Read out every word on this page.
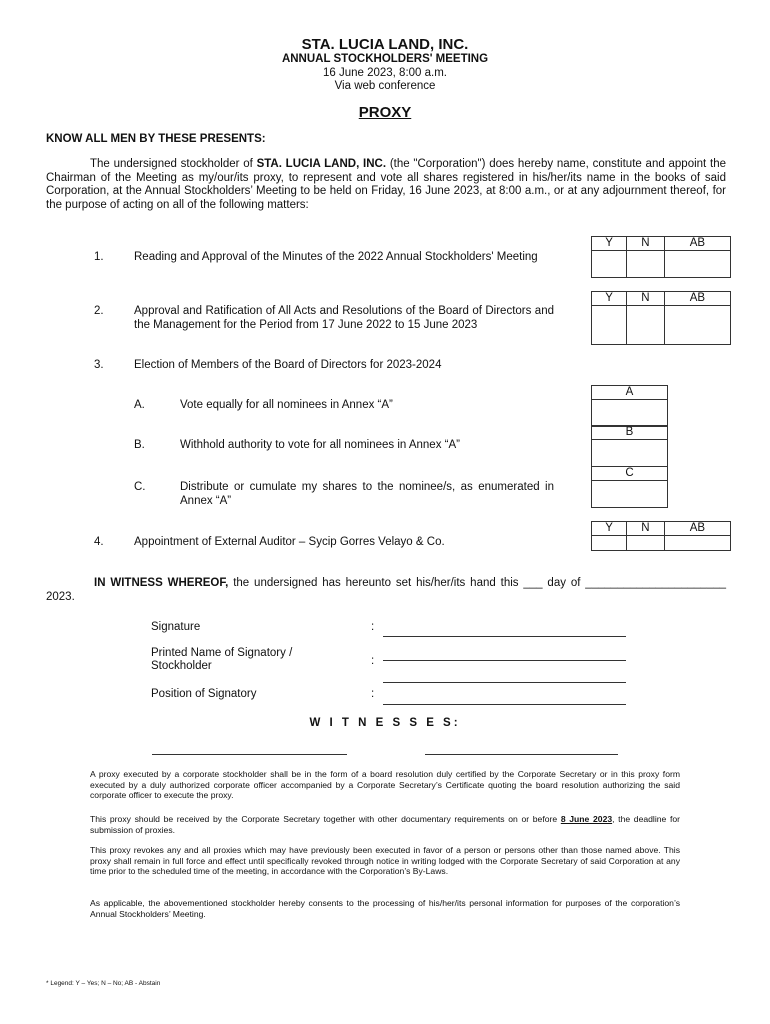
STA. LUCIA LAND, INC.
ANNUAL STOCKHOLDERS' MEETING
16 June 2023, 8:00 a.m.
Via web conference
PROXY
KNOW ALL MEN BY THESE PRESENTS:
The undersigned stockholder of STA. LUCIA LAND, INC. (the "Corporation") does hereby name, constitute and appoint the Chairman of the Meeting as my/our/its proxy, to represent and vote all shares registered in his/her/its name in the books of said Corporation, at the Annual Stockholders’ Meeting to be held on Friday, 16 June 2023, at 8:00 a.m., or at any adjournment thereof, for the purpose of acting on all of the following matters:
1.	Reading and Approval of the Minutes of the 2022 Annual Stockholders' Meeting
Y	N	AB

2.	Approval and Ratification of All Acts and Resolutions of the Board of Directors and the Management for the Period from 17 June 2022 to 15 June 2023
Y	N	AB

3.	Election of Members of the Board of Directors for 2023-2024
A.	Vote equally for all nominees in Annex “A”
A
B.	Withhold authority to vote for all nominees in Annex “A”
B
C.	Distribute or cumulate my shares to the nominee/s, as enumerated in Annex “A”
C
4.	Appointment of External Auditor – Sycip Gorres Velayo & Co.
Y	N	AB

IN WITNESS WHEREOF, the undersigned has hereunto set his/her/its hand this ___ day of ______________________ 2023.
Signature	:
Printed Name of Signatory /
Stockholder	:
Position of Signatory	:
W I T N E S S E S:
A proxy executed by a corporate stockholder shall be in the form of a board resolution duly certified by the Corporate Secretary or in this proxy form executed by a duly authorized corporate officer accompanied by a Corporate Secretary’s Certificate quoting the board resolution authorizing the said corporate officer to execute the proxy.
This proxy should be received by the Corporate Secretary together with other documentary requirements on or before 8 June 2023, the deadline for submission of proxies.
This proxy revokes any and all proxies which may have previously been executed in favor of a person or persons other than those named above. This proxy shall remain in full force and effect until specifically revoked through notice in writing lodged with the Corporate Secretary of said Corporation at any time prior to the scheduled time of the meeting, in accordance with the Corporation’s By-Laws.
As applicable, the abovementioned stockholder hereby consents to the processing of his/her/its personal information for purposes of the corporation’s Annual Stockholders’ Meeting.
* Legend: Y – Yes; N – No; AB - Abstain
